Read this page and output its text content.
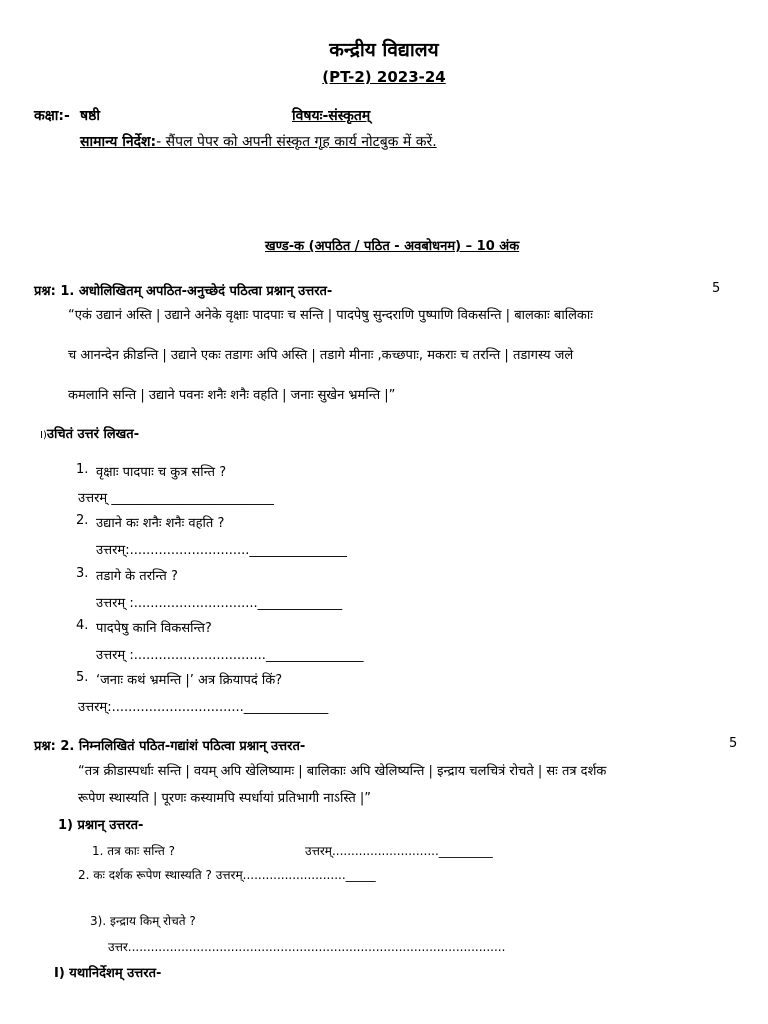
कन्द्रीय विद्यालय
(PT-2) 2023-24
कक्षा:- षष्ठी	विषयः-संस्कृतम्
सामान्य निर्देश:- सैंपल पेपर को अपनी संस्कृत गृह कार्य नोटबुक में करें.
खण्ड-क (अपठित / पठित - अवबोधनम) – 10 अंक
प्रश्न: 1. अधोलिखितम् अपठित-अनुच्छेदं पठित्वा प्रश्नान् उत्तरत-	5
“एकं उद्यानं अस्ति | उद्याने अनेके वृक्षाः पादपाः च सन्ति | पादपेषु सुन्दराणि पुष्पाणि विकसन्ति | बालकाः बालिकाः
च आनन्देन क्रीडन्ति | उद्याने एकः तडागः अपि अस्ति | तडागे मीनाः ,कच्छपाः, मकराः च तरन्ति | तडागस्य जले
कमलानि सन्ति | उद्याने पवनः शनैः शनैः वहति | जनाः सुखेन भ्रमन्ति |”
I)उचितं उत्तरं लिखत-
1. वृक्षाः पादपाः च कुत्र सन्ति ?
उत्तरम् _________________________
2. उद्याने कः शनैः शनैः वहति ?
उत्तरम्:............................._______________
3. तडागे के तरन्ति ?
उत्तरम् :.............................._____________
4. पादपेषु कानि विकसन्ति?
उत्तरम् :................................_______________
5. ‘जनाः कथं भ्रमन्ति |’ अत्र क्रियापदं किं?
उत्तरम्:................................_____________
प्रश्न: 2. निम्नलिखितं पठित-गद्यांशं पठित्वा प्रश्नान् उत्तरत-	5
“तत्र क्रीडास्पर्धाः सन्ति | वयम् अपि खेलिष्यामः | बालिकाः अपि खेलिष्यन्ति | इन्द्राय चलचित्रं रोचते | सः तत्र दर्शक
रूपेण स्थास्यति | पूरणः कस्यामपि स्पर्धायां प्रतिभागी नाऽस्ति |”
1) प्रश्नान् उत्तरत-
1. तत्र काः सन्ति ?	उत्तरम्............................_________
2. कः दर्शक रूपेण स्थास्यति ? उत्तरम्..........................._____
3). इन्द्राय किम् रोचते ?
उत्तर...................................................................................................
I) यथानिर्देशम् उत्तरत-
